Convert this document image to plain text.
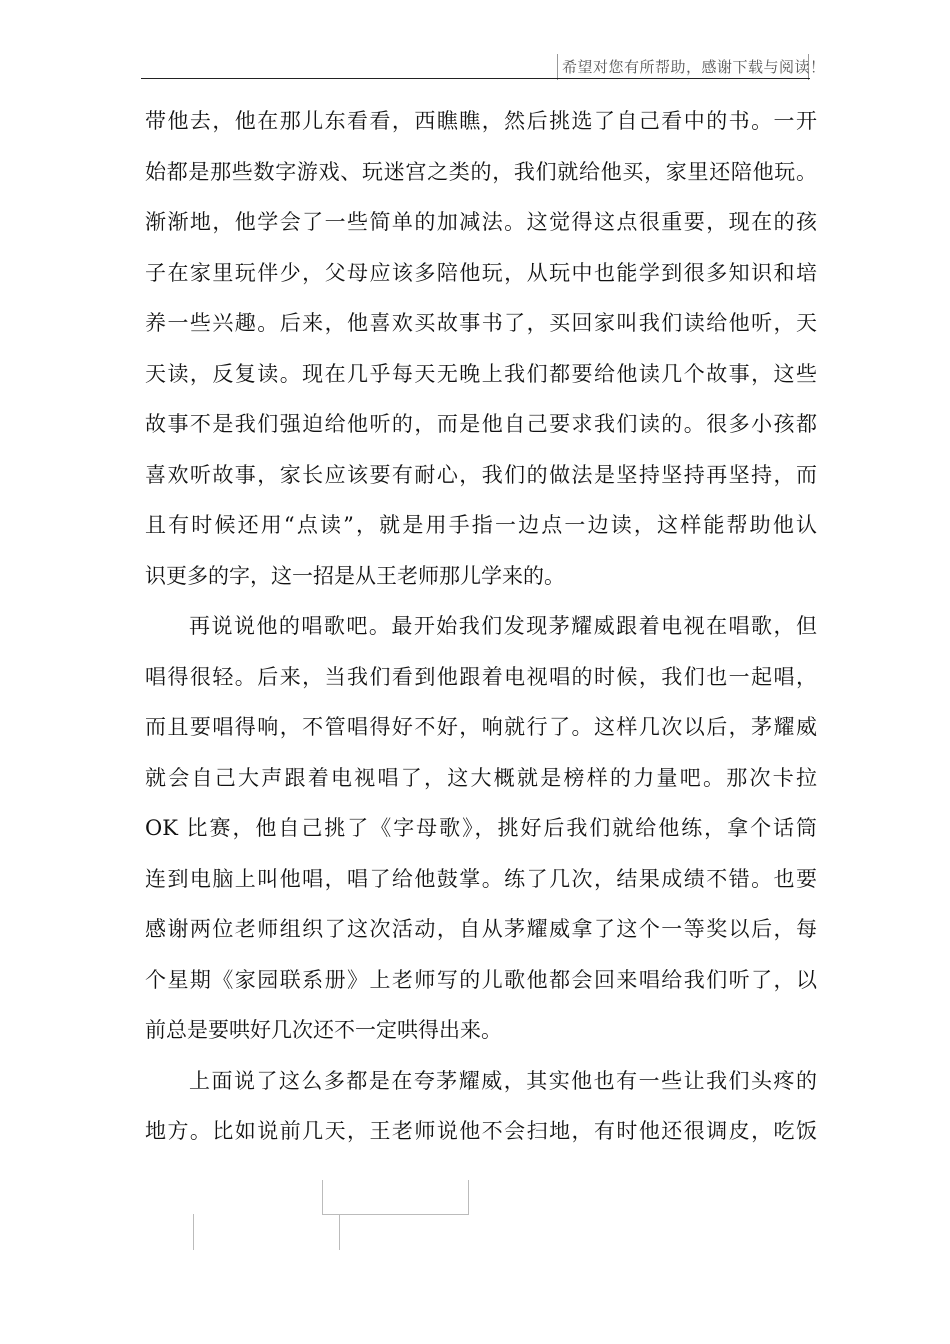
希望对您有所帮助，感谢下载与阅读！
带他去，他在那儿东看看，西瞧瞧，然后挑选了自己看中的书。一开
始都是那些数字游戏、玩迷宫之类的，我们就给他买，家里还陪他玩。
渐渐地，他学会了一些简单的加减法。这觉得这点很重要，现在的孩
子在家里玩伴少，父母应该多陪他玩，从玩中也能学到很多知识和培
养一些兴趣。后来，他喜欢买故事书了，买回家叫我们读给他听，天
天读，反复读。现在几乎每天无晚上我们都要给他读几个故事，这些
故事不是我们强迫给他听的，而是他自己要求我们读的。很多小孩都
喜欢听故事，家长应该要有耐心，我们的做法是坚持坚持再坚持，而
且有时候还用“点读”，就是用手指一边点一边读，这样能帮助他认
识更多的字，这一招是从王老师那儿学来的。
再说说他的唱歌吧。最开始我们发现茅耀威跟着电视在唱歌，但
唱得很轻。后来，当我们看到他跟着电视唱的时候，我们也一起唱，
而且要唱得响，不管唱得好不好，响就行了。这样几次以后，茅耀威
就会自己大声跟着电视唱了，这大概就是榜样的力量吧。那次卡拉
OK 比赛，他自己挑了《字母歌》，挑好后我们就给他练，拿个话筒
连到电脑上叫他唱，唱了给他鼓掌。练了几次，结果成绩不错。也要
感谢两位老师组织了这次活动，自从茅耀威拿了这个一等奖以后，每
个星期《家园联系册》上老师写的儿歌他都会回来唱给我们听了，以
前总是要哄好几次还不一定哄得出来。
上面说了这么多都是在夸茅耀威，其实他也有一些让我们头疼的
地方。比如说前几天，王老师说他不会扫地，有时他还很调皮，吃饭
